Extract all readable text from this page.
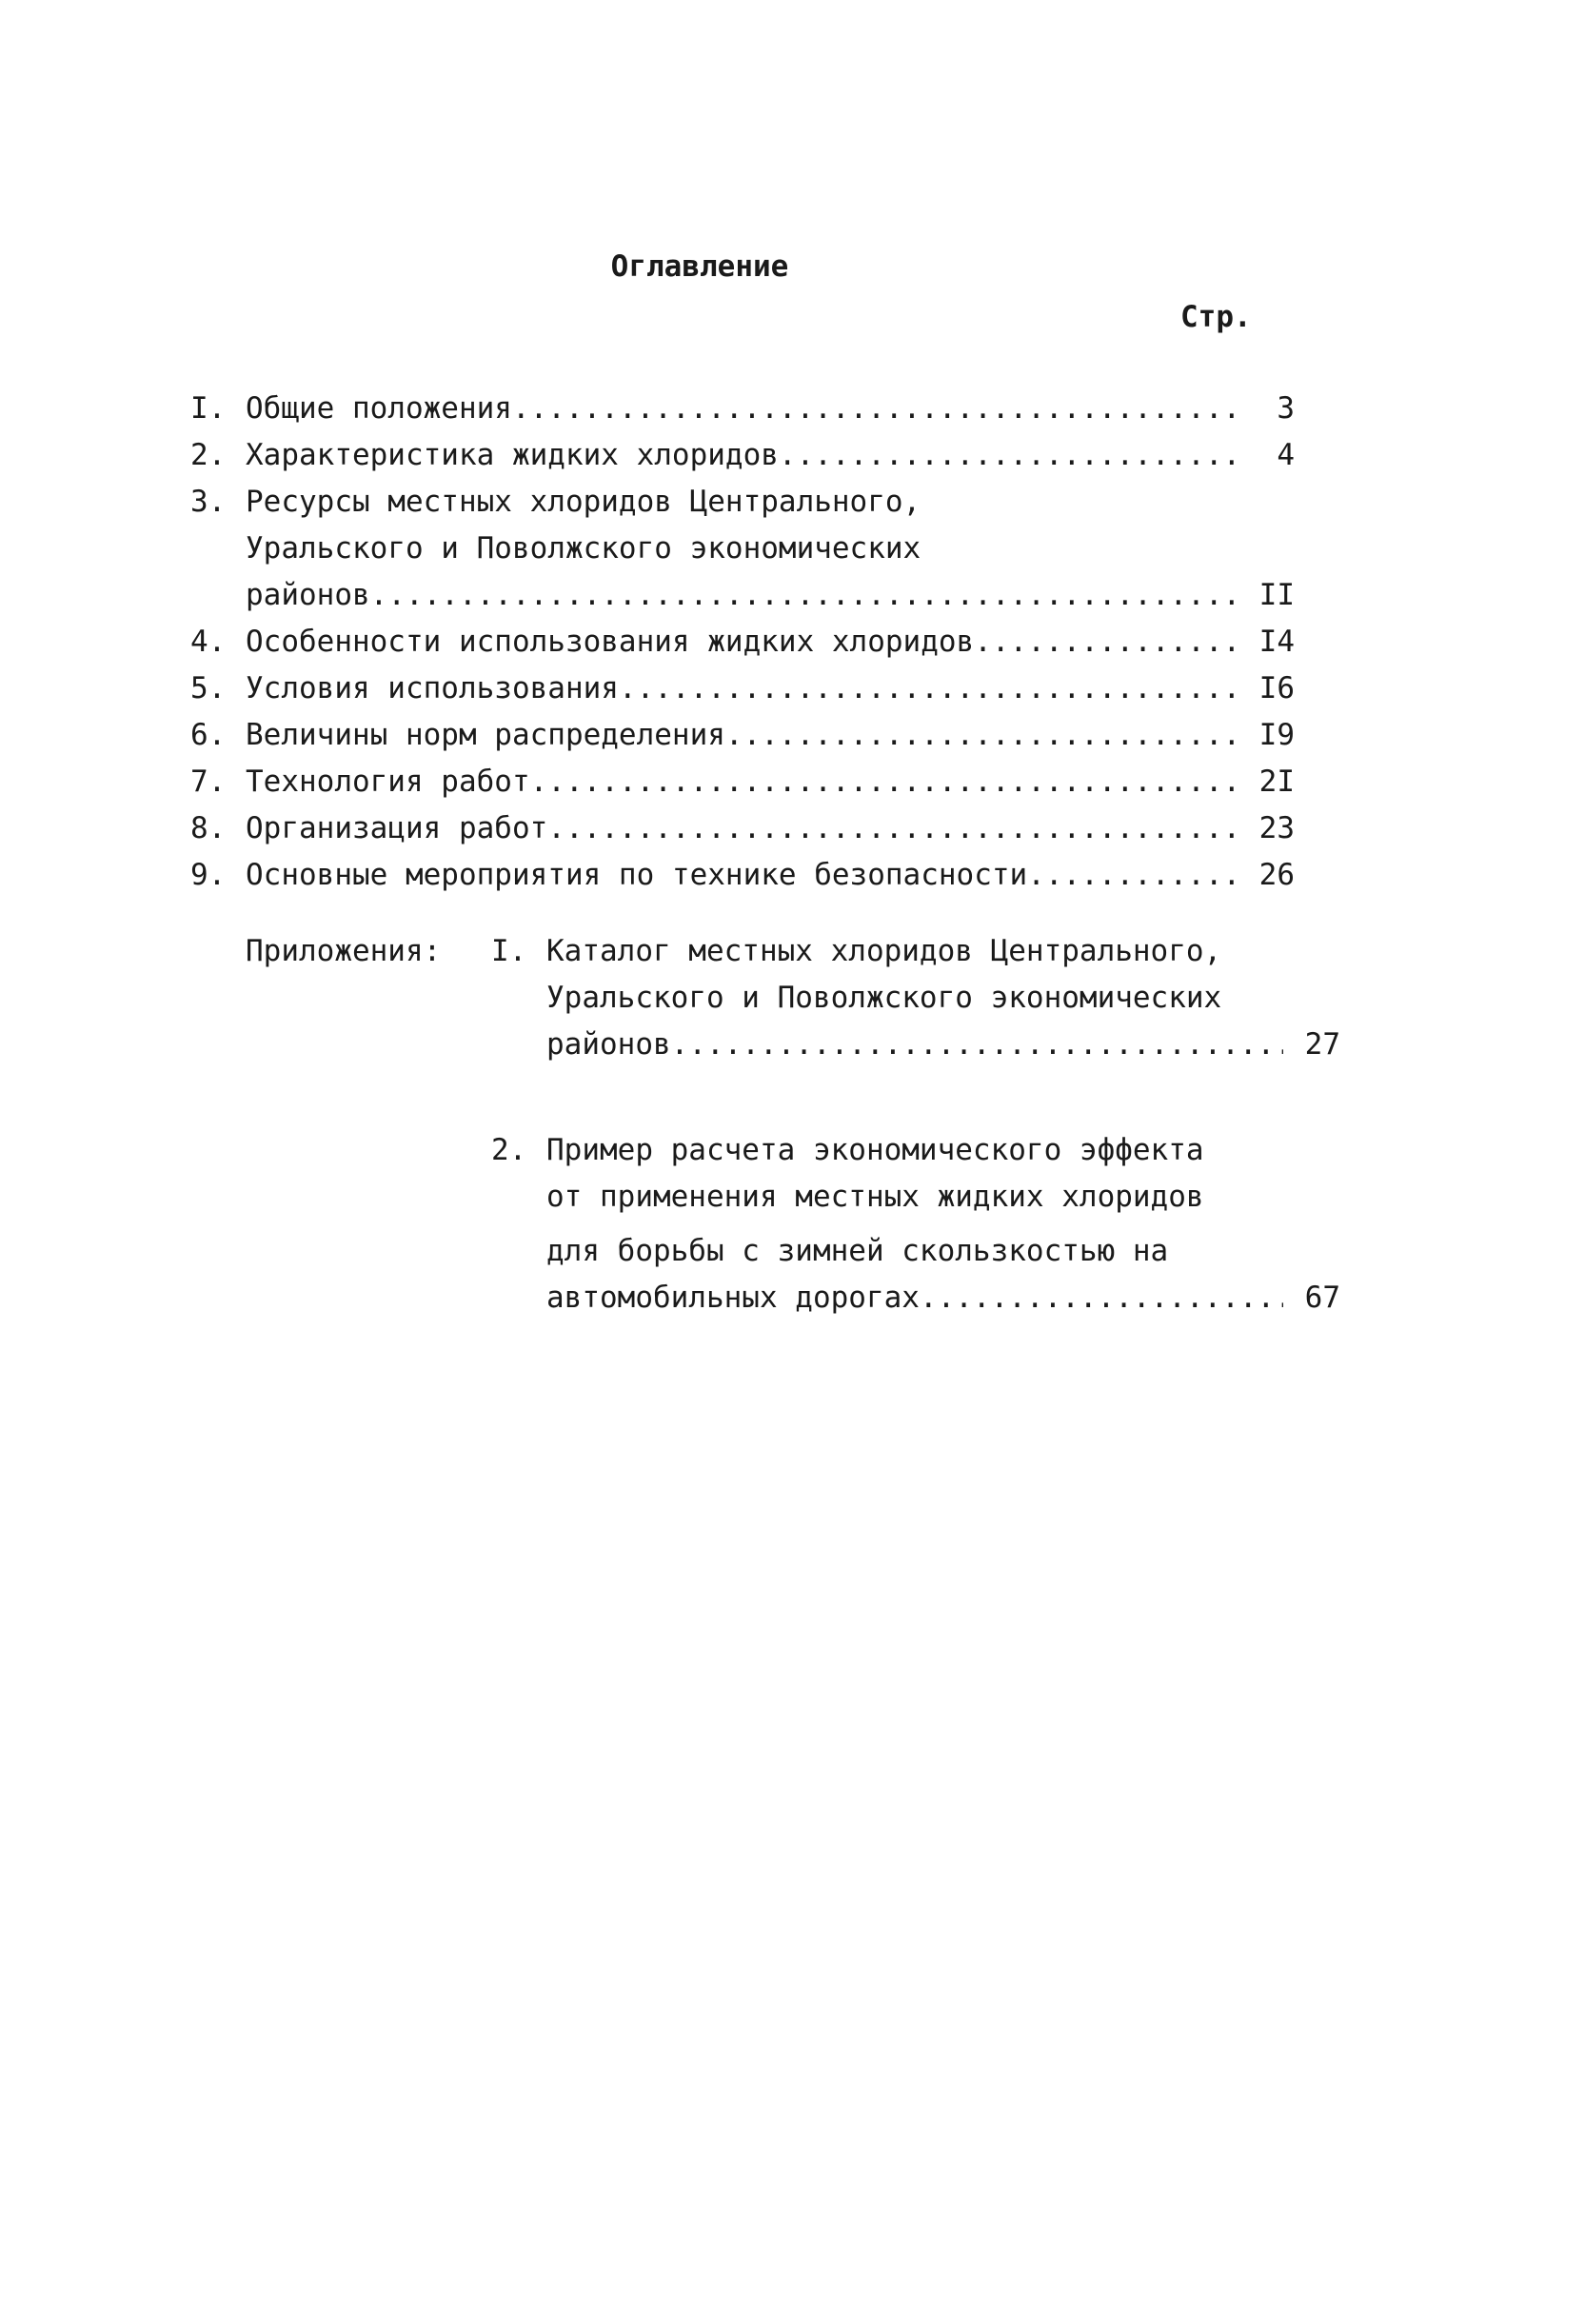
Оглавление
Стр.
I. Общие положения .....	3
2. Характеристика жидких хлоридов .....	4
3. Ресурсы местных хлоридов Центрального,
Уральского и Поволжского экономических
районов .....	II
4. Особенности использования жидких хлоридов .....	I4
5. Условия использования .....	I6
6. Величины норм распределения .....	I9
7. Технология работ .....	2I
8. Организация работ .....	23
9. Основные мероприятия по технике безопасности .....	26
Приложения: I. Каталог местных хлоридов Центрального,
Уральского и Поволжского экономических
районов .....	27
2. Пример расчета экономического эффекта
от применения местных жидких хлоридов
для борьбы с зимней скользкостью на
автомобильных дорогах .....	67
